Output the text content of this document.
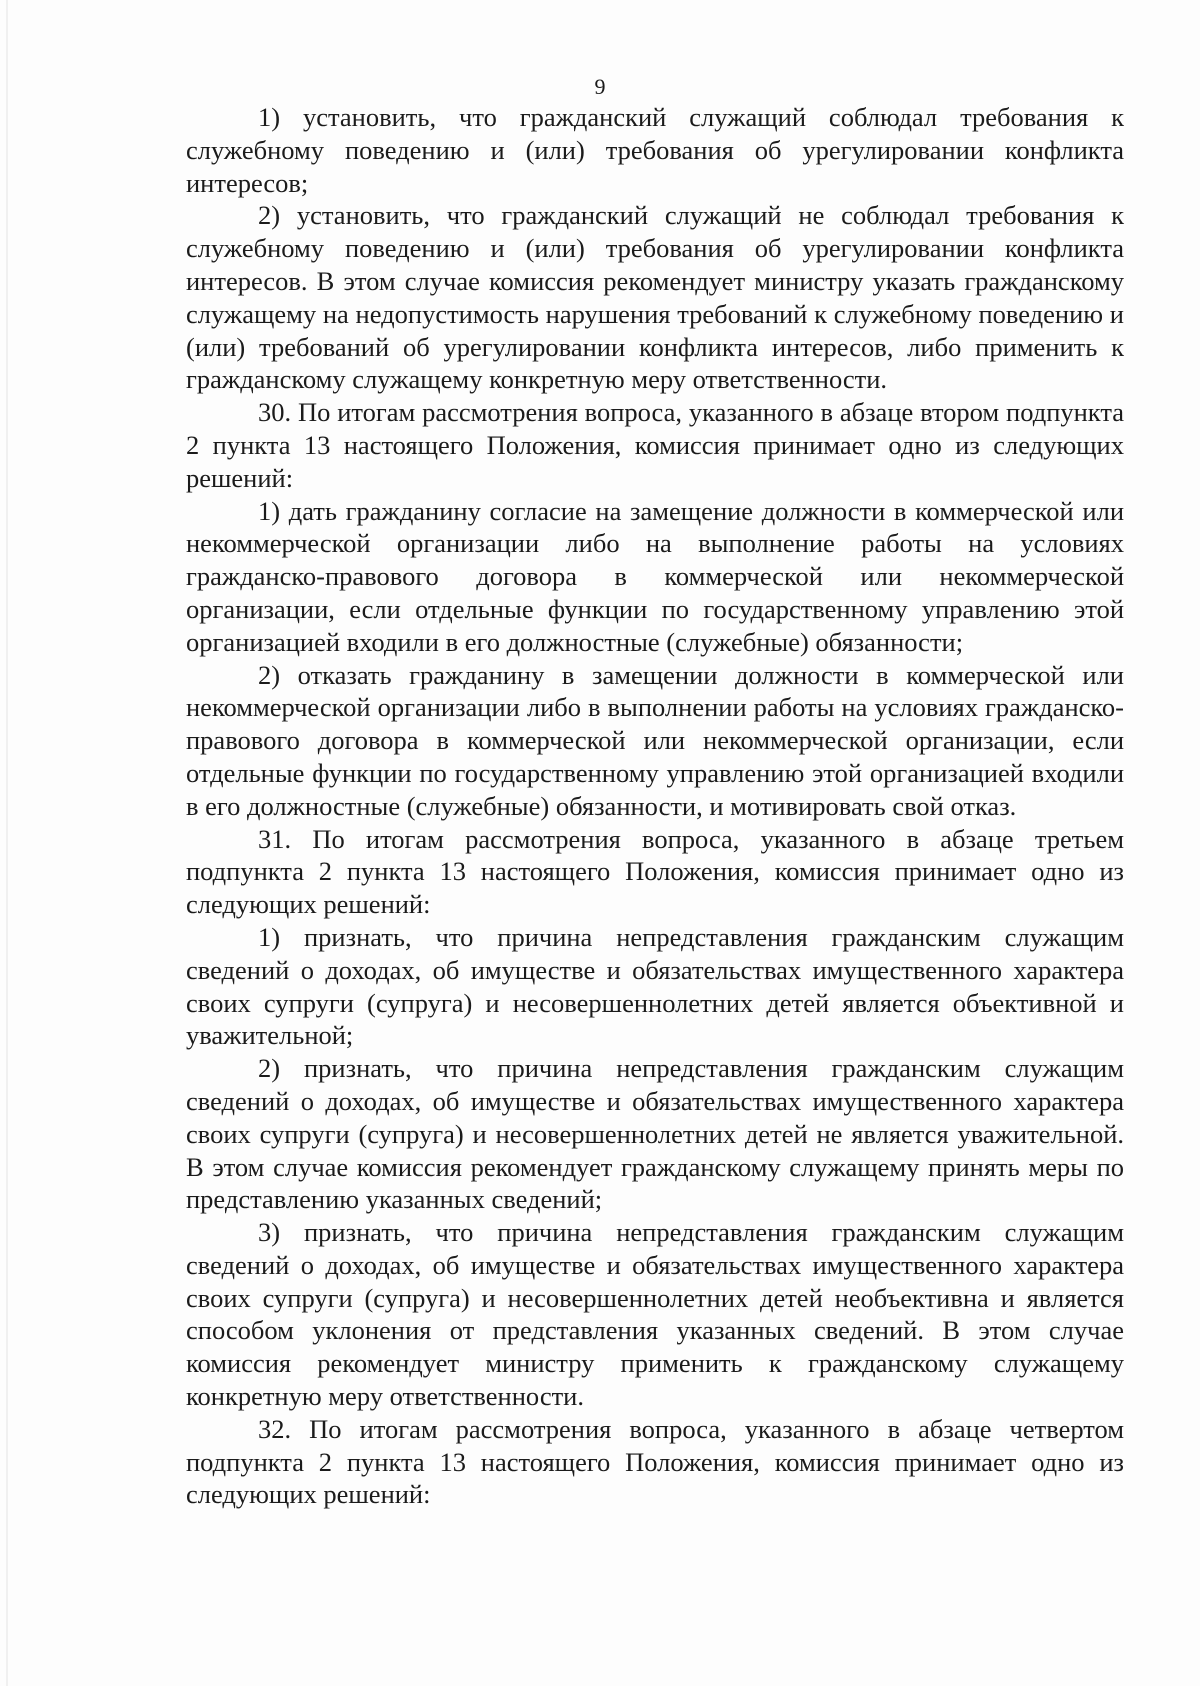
9

1) установить, что гражданский служащий соблюдал требования к служебному поведению и (или) требования об урегулировании конфликта интересов;

2) установить, что гражданский служащий не соблюдал требования к служебному поведению и (или) требования об урегулировании конфликта интересов. В этом случае комиссия рекомендует министру указать гражданскому служащему на недопустимость нарушения требований к служебному поведению и (или) требований об урегулировании конфликта интересов, либо применить к гражданскому служащему конкретную меру ответственности.

30. По итогам рассмотрения вопроса, указанного в абзаце втором подпункта 2 пункта 13 настоящего Положения, комиссия принимает одно из следующих решений:

1) дать гражданину согласие на замещение должности в коммерческой или некоммерческой организации либо на выполнение работы на условиях гражданско-правового договора в коммерческой или некоммерческой организации, если отдельные функции по государственному управлению этой организацией входили в его должностные (служебные) обязанности;

2) отказать гражданину в замещении должности в коммерческой или некоммерческой организации либо в выполнении работы на условиях гражданско-правового договора в коммерческой или некоммерческой организации, если отдельные функции по государственному управлению этой организацией входили в его должностные (служебные) обязанности, и мотивировать свой отказ.

31. По итогам рассмотрения вопроса, указанного в абзаце третьем подпункта 2 пункта 13 настоящего Положения, комиссия принимает одно из следующих решений:

1) признать, что причина непредставления гражданским служащим сведений о доходах, об имуществе и обязательствах имущественного характера своих супруги (супруга) и несовершеннолетних детей является объективной и уважительной;

2) признать, что причина непредставления гражданским служащим сведений о доходах, об имуществе и обязательствах имущественного характера своих супруги (супруга) и несовершеннолетних детей не является уважительной. В этом случае комиссия рекомендует гражданскому служащему принять меры по представлению указанных сведений;

3) признать, что причина непредставления гражданским служащим сведений о доходах, об имуществе и обязательствах имущественного характера своих супруги (супруга) и несовершеннолетних детей необъективна и является способом уклонения от представления указанных сведений. В этом случае комиссия рекомендует министру применить к гражданскому служащему конкретную меру ответственности.

32. По итогам рассмотрения вопроса, указанного в абзаце четвертом подпункта 2 пункта 13 настоящего Положения, комиссия принимает одно из следующих решений:
